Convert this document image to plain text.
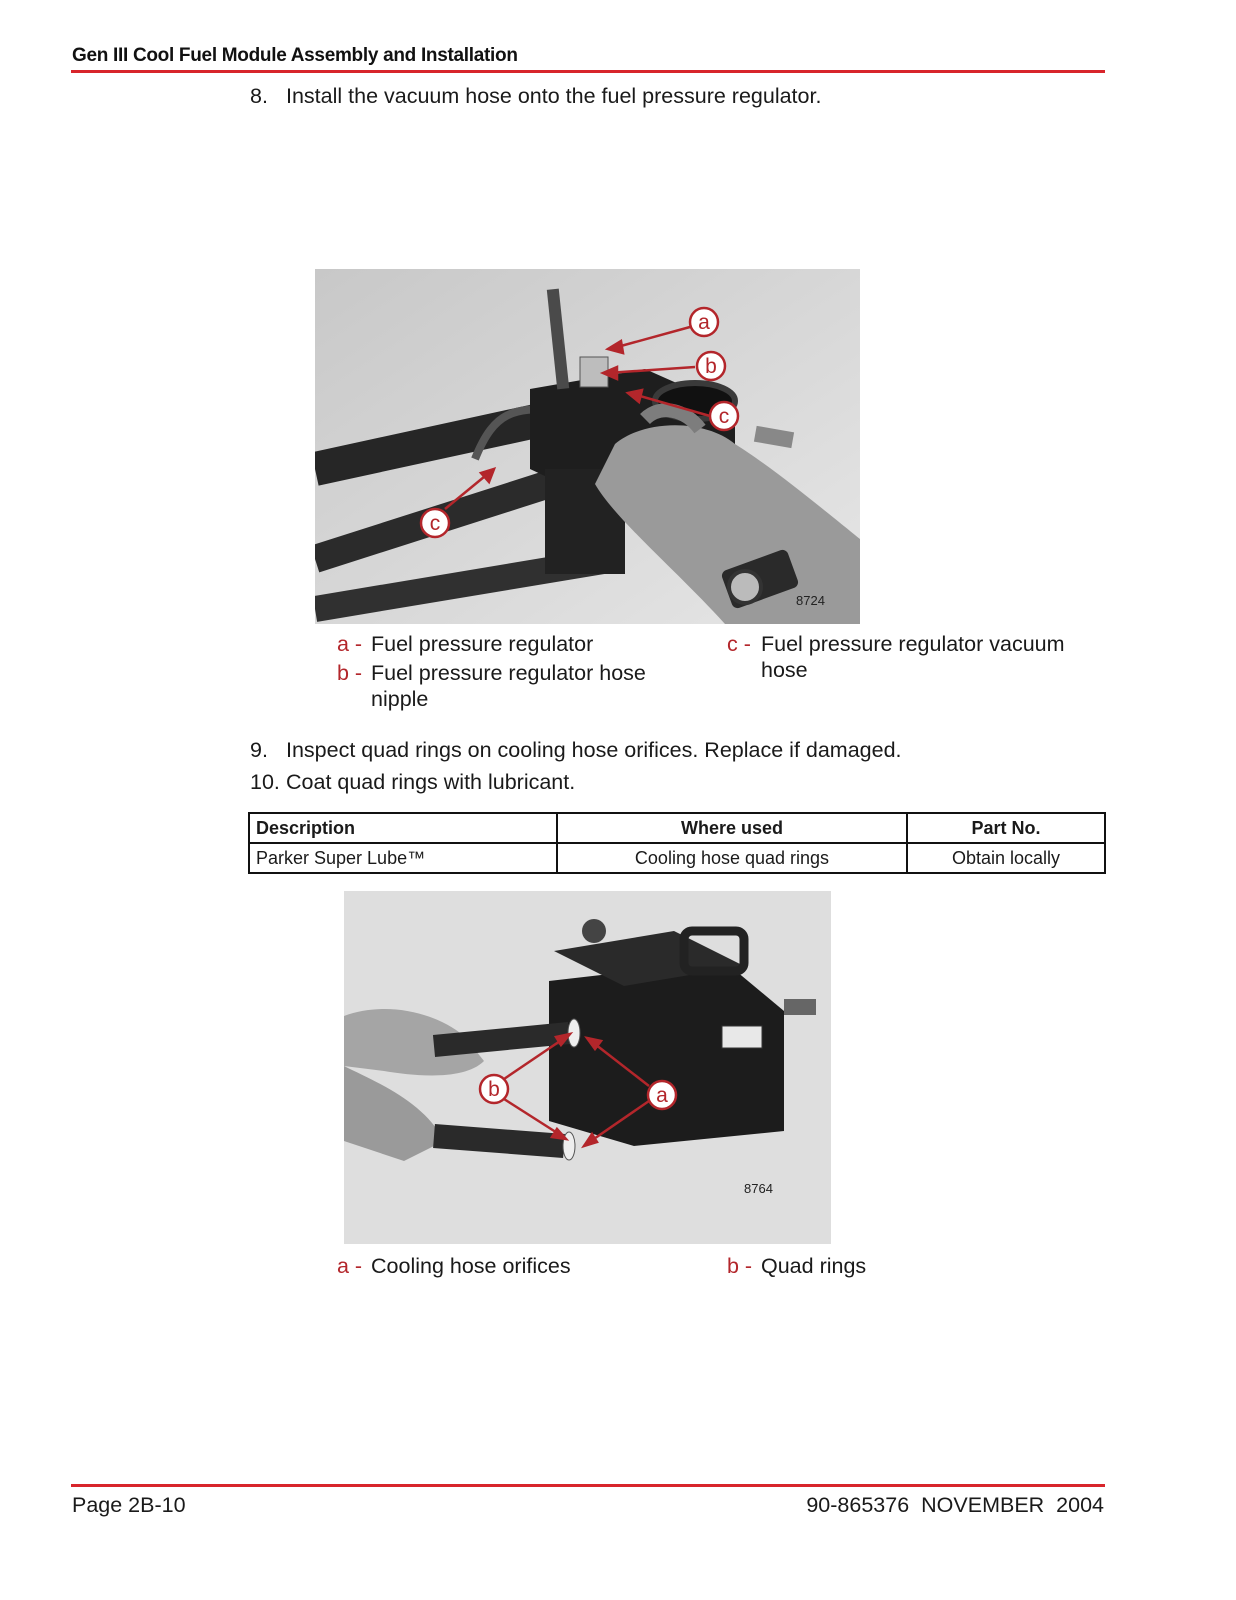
Gen III Cool Fuel Module Assembly and Installation
8. Install the vacuum hose onto the fuel pressure regulator.
a
b
c
c
8724
a - Fuel pressure regulator
b - Fuel pressure regulator hose nipple
c - Fuel pressure regulator vacuum hose
9. Inspect quad rings on cooling hose orifices. Replace if damaged.
10. Coat quad rings with lubricant.
Description	Where used	Part No.
Parker Super Lube™	Cooling hose quad rings	Obtain locally
b	a
8764
a - Cooling hose orifices	b - Quad rings
Page 2B-10	90-865376 NOVEMBER 2004
